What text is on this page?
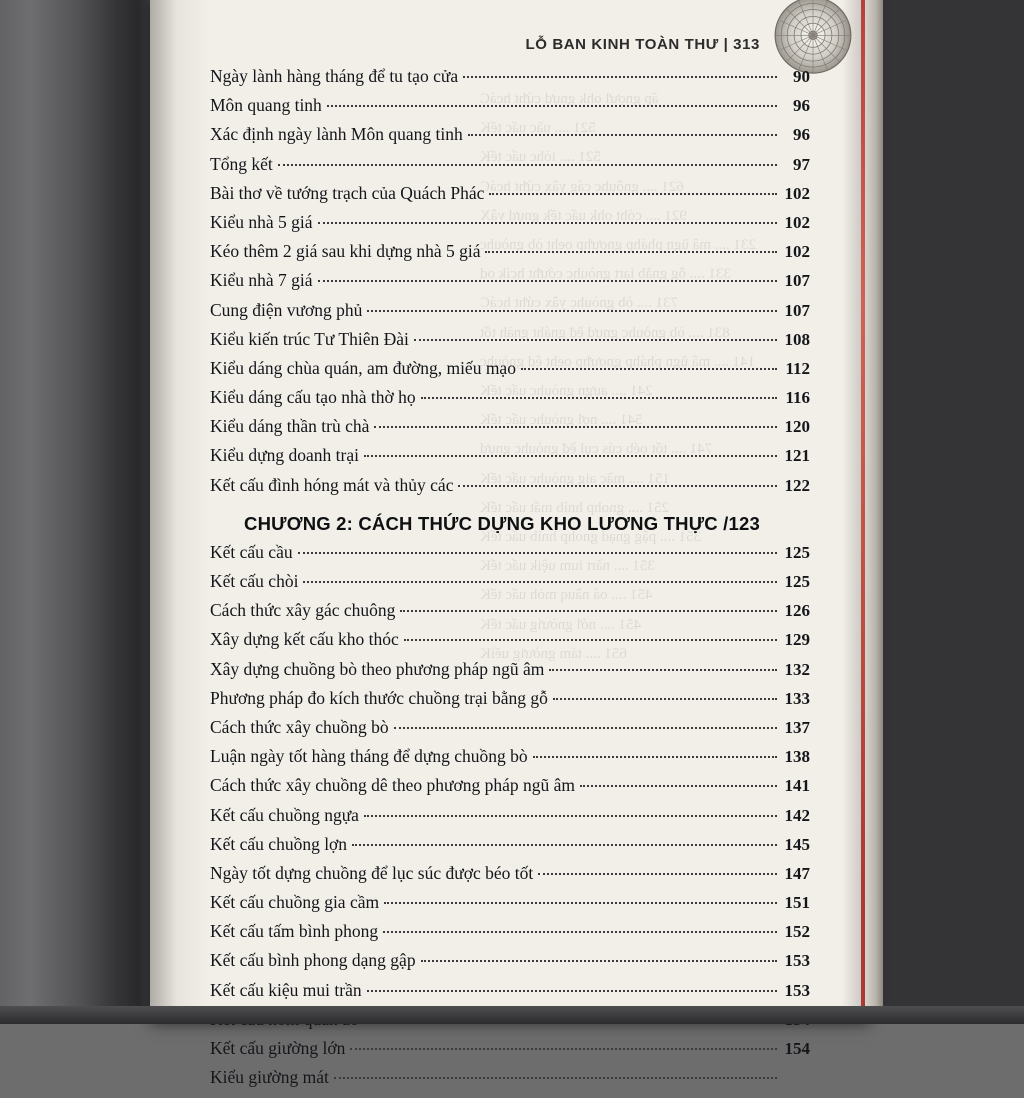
ấp gnợưl ohk gnựd cứht hcáC
521 .... uầc uấc tếK
521 .... iòhc uấc tếK
621 .... gnôuhc cág yâx cứht hcáC
921 .... cóht ohk uấc tếk gnựd yâX
231 .... mâ ũgn pháhp gnơưhp oeht òb gnòuhc
331 .... ỗg gnằb iạrt gnòuhc cớưht hcík od
731 .... òb gnòuhc yâx cứht hcáC
831 .... òb gnòuhc gnựd ềđ gnáht gnàh tốt
141 .... mâ ũgn pháhp gnơưhp oeht êd gnòuhc
241 .... aựgn gnòuhc uấc tếK
541 .... nợl gnòuhc uấc tếK
741 .... tốt oéb cús cụl ềđ gnòuhc gnựd
151 .... mầc aig gnòuhc uấc tếK
251 .... gnohp hnìb mất uấc tếK
351 .... pậg gnạd gnohp hnìb uấc tếK
351 .... nầrt ium uệik uấc tếK
451 .... oá nầuq mòh uấc tếK
451 .... nớl gnờưig uấc tếK
651 .... tám gnờưig uểiK
LỖ BAN KINH TOÀN THƯ | 313
Ngày lành hàng tháng để tu tạo cửa	90
Môn quang tinh	96
Xác định ngày lành Môn quang tinh	96
Tổng kết	97
Bài thơ về tướng trạch của Quách Phác	102
Kiểu nhà 5 giá	102
Kéo thêm 2 giá sau khi dựng nhà 5 giá	102
Kiểu nhà 7 giá	107
Cung điện vương phủ	107
Kiểu kiến trúc Tư Thiên Đài	108
Kiểu dáng chùa quán, am đường, miếu mạo	112
Kiểu dáng cấu tạo nhà thờ họ	116
Kiểu dáng thần trù chà	120
Kiểu dựng doanh trại	121
Kết cấu đình hóng mát và thủy các	122
CHƯƠNG 2: CÁCH THỨC DỰNG KHO LƯƠNG THỰC /123
Kết cấu cầu	125
Kết cấu chòi	125
Cách thức xây gác chuông	126
Xây dựng kết cấu kho thóc	129
Xây dựng chuồng bò theo phương pháp ngũ âm	132
Phương pháp đo kích thước chuồng trại bằng gỗ	133
Cách thức xây chuồng bò	137
Luận ngày tốt hàng tháng để dựng chuồng bò	138
Cách thức xây chuồng dê theo phương pháp ngũ âm	141
Kết cấu chuồng ngựa	142
Kết cấu chuồng lợn	145
Ngày tốt dựng chuồng để lục súc được béo tốt	147
Kết cấu chuồng gia cầm	151
Kết cấu tấm bình phong	152
Kết cấu bình phong dạng gập	153
Kết cấu kiệu mui trần	153
Kết cấu giường lớn	154
Kiểu giường mát
